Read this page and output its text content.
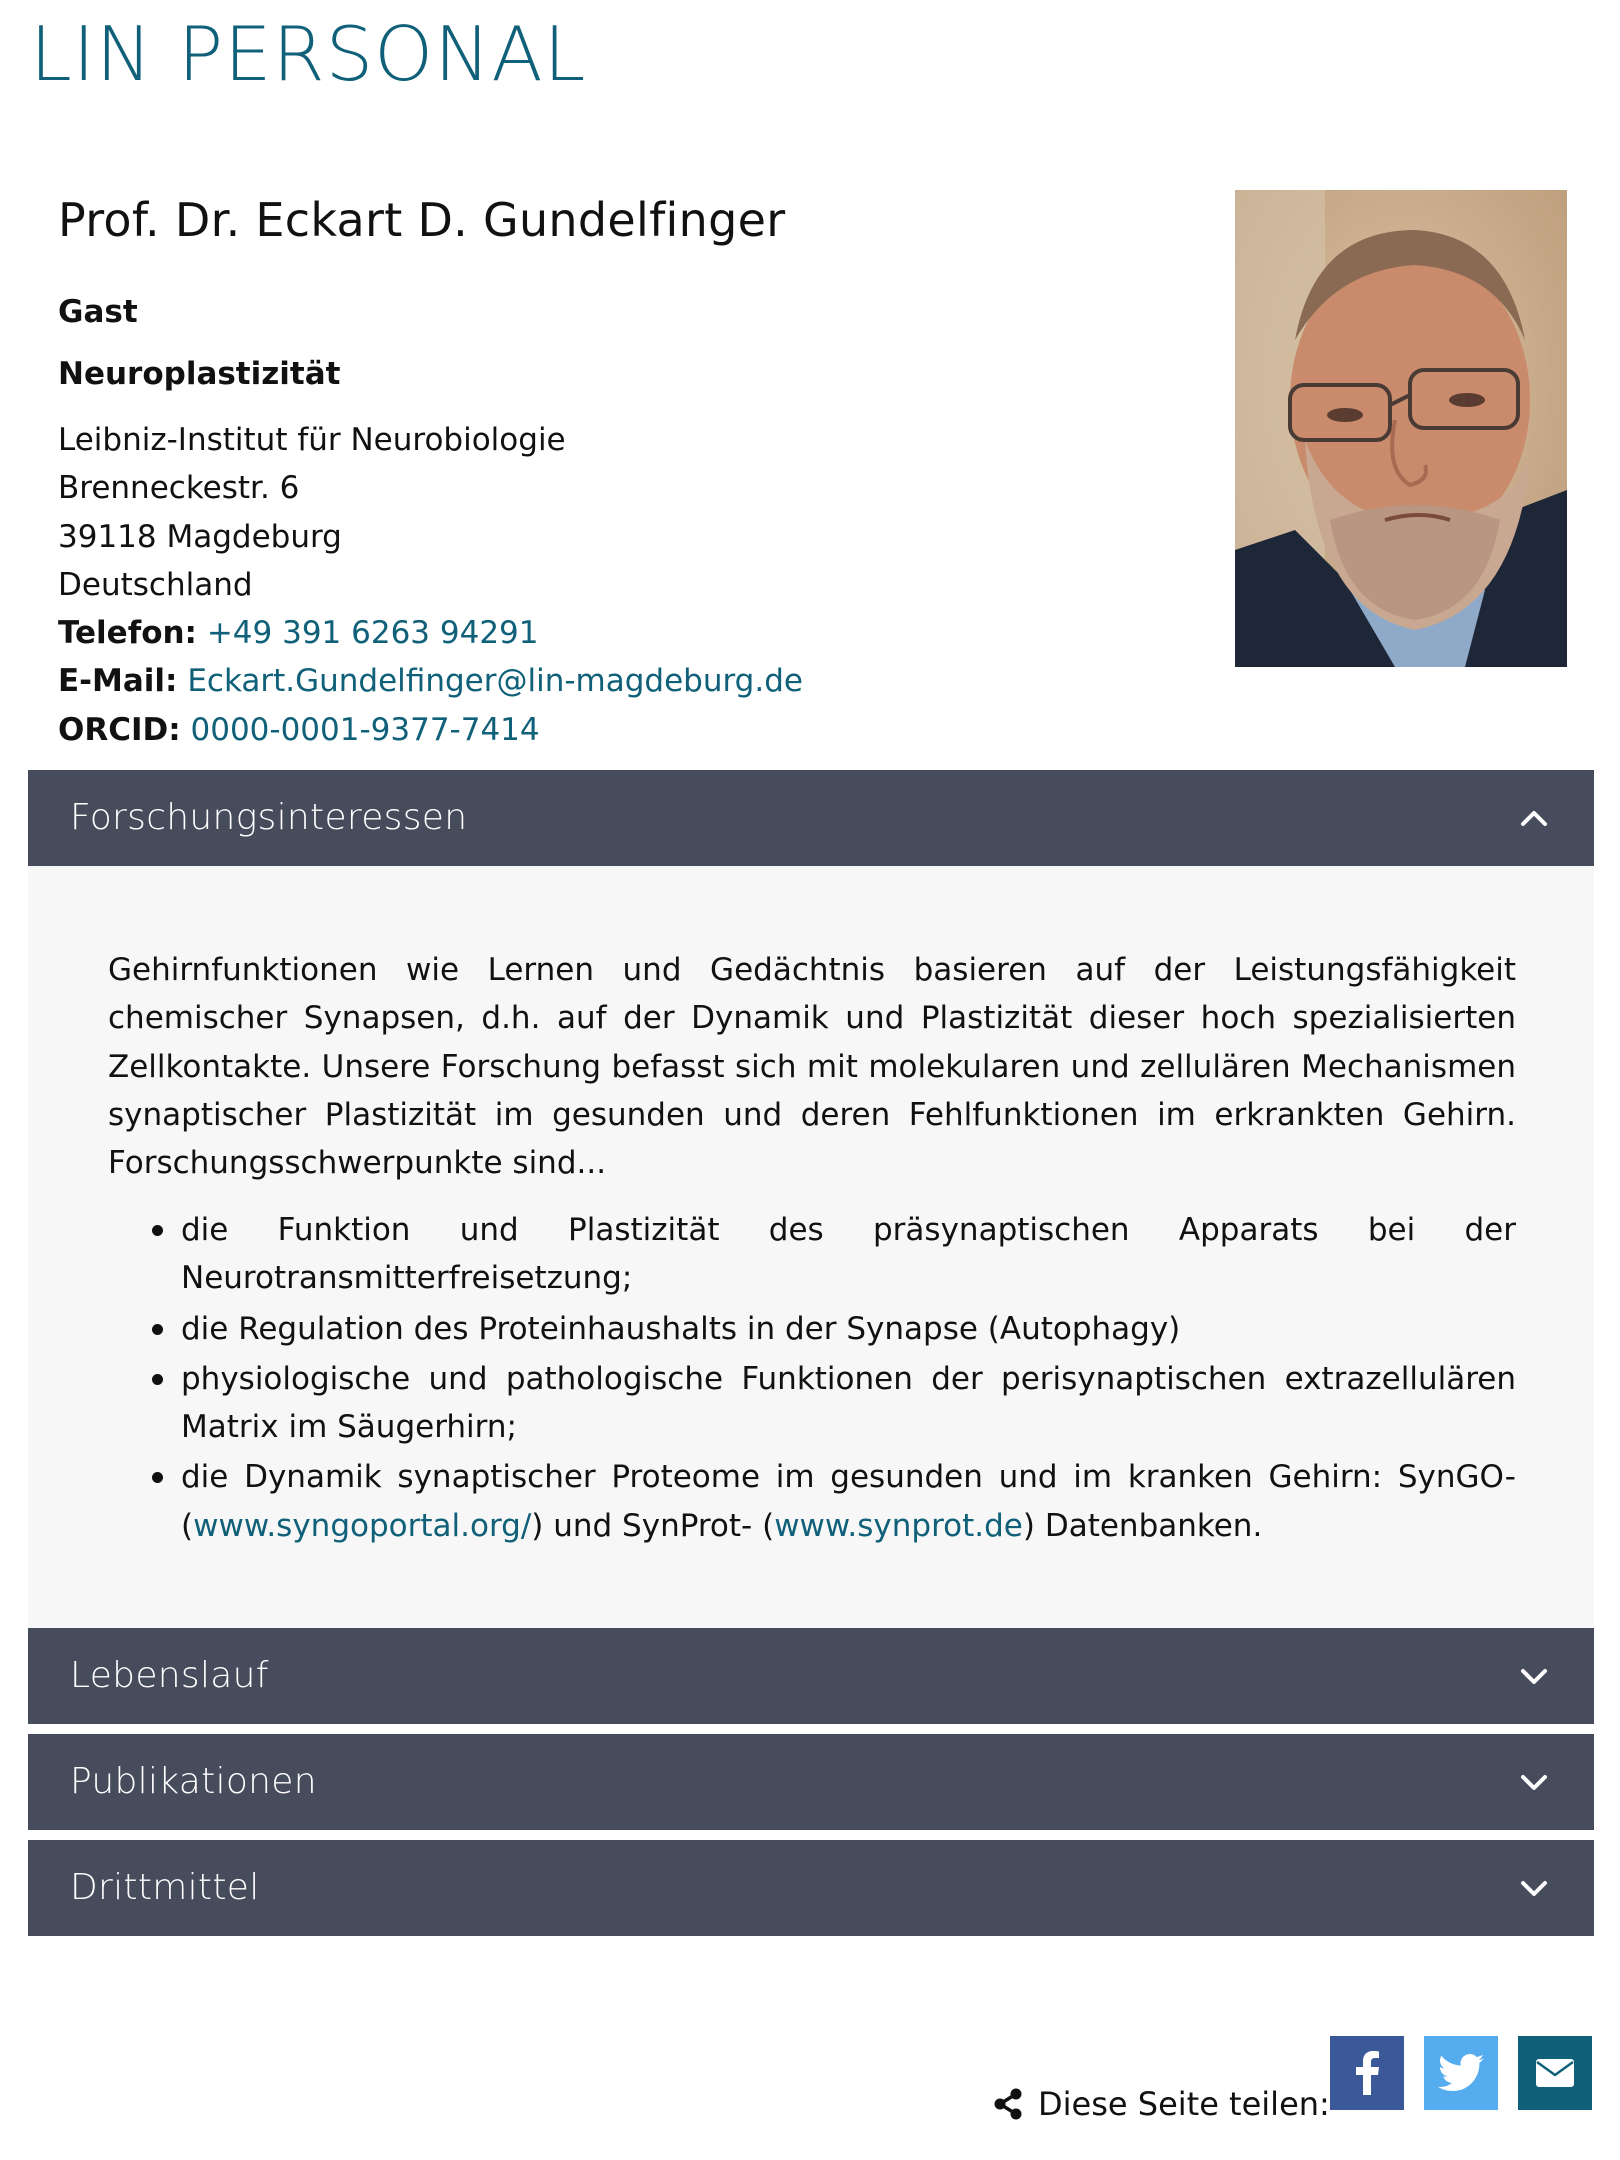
LIN PERSONAL
Prof. Dr. Eckart D. Gundelfinger
Gast
Neuroplastizität
Leibniz-Institut für Neurobiologie
Brenneckestr. 6
39118 Magdeburg
Deutschland
Telefon: +49 391 6263 94291
E-Mail: Eckart.Gundelfinger@lin-magdeburg.de
ORCID: 0000-0001-9377-7414
Forschungsinteressen

Gehirnfunktionen wie Lernen und Gedächtnis basieren auf der Leistungsfähigkeit chemischer Synapsen, d.h. auf der Dynamik und Plastizität dieser hoch spezialisierten Zellkontakte. Unsere Forschung befasst sich mit molekularen und zellulären Mechanismen synaptischer Plastizität im gesunden und deren Fehlfunktionen im erkrankten Gehirn. Forschungsschwerpunkte sind...

die Funktion und Plastizität des präsynaptischen Apparats bei der Neurotransmitterfreisetzung;
die Regulation des Proteinhaushalts in der Synapse (Autophagy)
physiologische und pathologische Funktionen der perisynaptischen extrazellulären Matrix im Säugerhirn;
die Dynamik synaptischer Proteome im gesunden und im kranken Gehirn: SynGO- (www.syngoportal.org/) und SynProt- (www.synprot.de) Datenbanken.
Lebenslauf
Publikationen
Drittmittel
Diese Seite teilen:
